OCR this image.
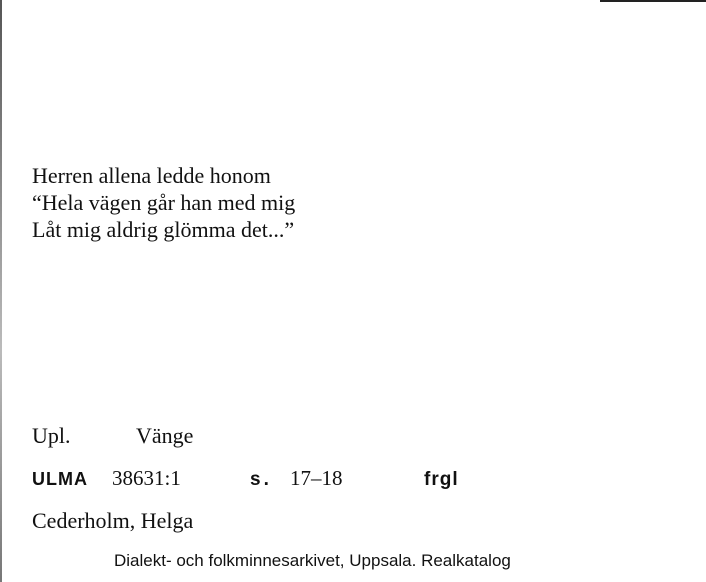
Herren allena ledde honom
“Hela vägen går han med mig
Låt mig aldrig glömma det...”
Upl.	Vänge
ULMA 38631:1	s. 17–18	frgl
Cederholm, Helga
Dialekt- och folkminnesarkivet, Uppsala. Realkatalog
